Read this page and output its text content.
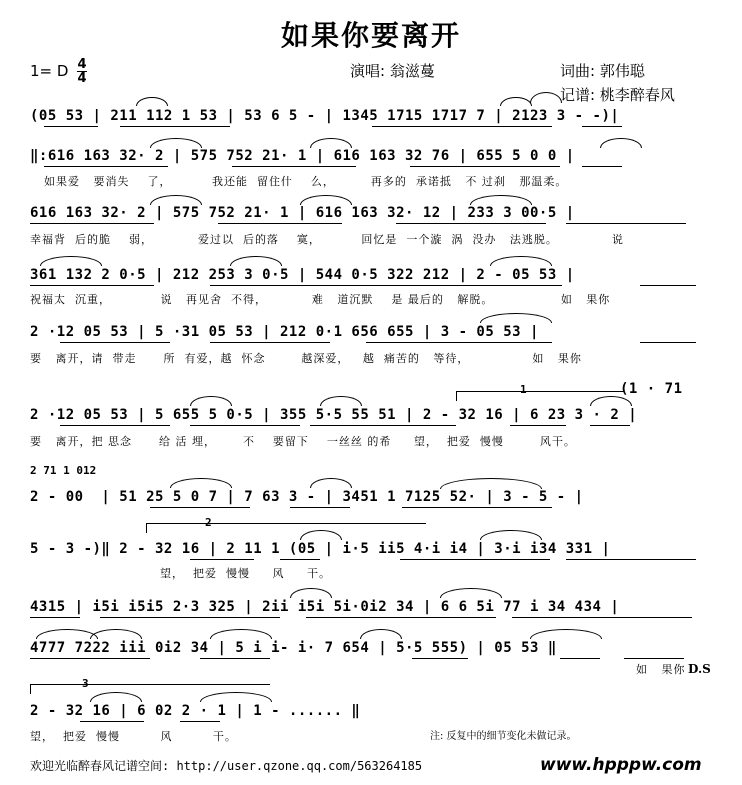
如果你要离开
1= D $\frac{4}{4}$	演唱: 翁滋蔓	词曲: 郭伟聪
记谱: 桃李醉春风
(05 53 | 211 112 1 53 | 53 6 5 - | 1345 1715 1717 7 | 2123 3 - -)|
‖:616 163 32· 2 | 575 752 21· 1 | 616 163 32 76 | 655 5 0 0 |
如果爱   要消失    了，         我还能  留住什    么，        再多的  承诺抵   不 过刹   那温柔。
616 163 32· 2 | 575 752 21· 1 | 616 163 32· 12 | 233 3 00·5 |
幸福背  后的脆    弱，          爱过以  后的落    寞，         回忆是  一个漩  涡  没办   法逃脱。            说
361 132 2 0·5 | 212 253 3 0·5 | 544 0·5 322 212 | 2 - 05 53 |
祝福太  沉重，           说   再见舍  不得，          难   道沉默    是 最后的   解脱。               如   果你
2 ·12 05 53 | 5 ·31 05 53 | 212 0·1 656 655 | 3 - 05 53 |
要   离开，请  带走      所  有爱，越  怀念        越深爱，   越  痛苦的   等待，              如   果你
1	(1 · 71
2 ·12 05 53 | 5 655 5 0·5 | 355 5·5 55 51 | 2 - 32 16 | 6 23 3 · 2 |
要   离开，把 思念      给 活 埋，      不    要留下    一丝丝 的希     望，  把爱  慢慢        风干。
2 71 1 012
2 - 00  | 51 25 5 0 7 | 7 63 3 - | 3451 1 7125 52· | 3 - 5 - |
2
5 - 3 -)‖ 2 - 32 16 | 2 11 1 (05 | i·5 ii5 4·i i4 | 3·i i34 331 |
望，  把爱  慢慢     风     干。
4315 | i5i i5i5 2·3 325 | 2ii i5i 5i·0i2 34 | 6 6 5i 77 i 34 434 |
4777 7222 iii 0i2 34 | 5 i i- i· 7 654 | 5·5 555) | 05 53 ‖
如   果你 D.S
3
2 - 32 16 | 6 02 2 · 1 | 1 - ...... ‖
望，  把爱  慢慢         风         干。	注: 反复中的细节变化未做记录。
欢迎光临醉春风记谱空间: http://user.qzone.qq.com/563264185	www.hpppw.com
